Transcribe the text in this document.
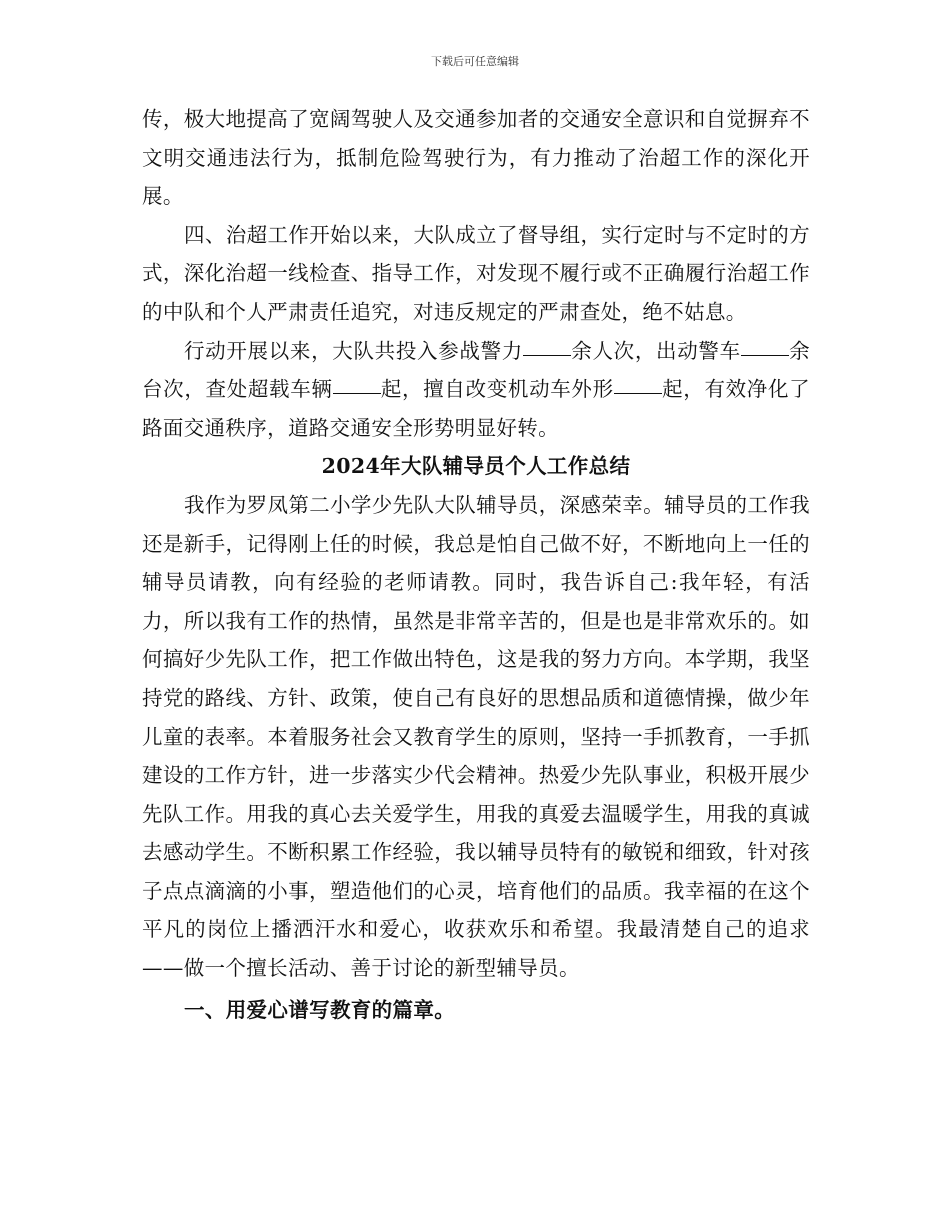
下载后可任意编辑

传，极大地提高了宽阔驾驶人及交通参加者的交通安全意识和自觉摒弃不文明交通违法行为，抵制危险驾驶行为，有力推动了治超工作的深化开展。

四、治超工作开始以来，大队成立了督导组，实行定时与不定时的方式，深化治超一线检查、指导工作，对发现不履行或不正确履行治超工作的中队和个人严肃责任追究，对违反规定的严肃查处，绝不姑息。

行动开展以来，大队共投入参战警力 余人次，出动警车 余台次，查处超载车辆 起，擅自改变机动车外形 起，有效净化了路面交通秩序，道路交通安全形势明显好转。

2024年大队辅导员个人工作总结

我作为罗凤第二小学少先队大队辅导员，深感荣幸。辅导员的工作我还是新手，记得刚上任的时候，我总是怕自己做不好，不断地向上一任的辅导员请教，向有经验的老师请教。同时，我告诉自己:我年轻，有活力，所以我有工作的热情，虽然是非常辛苦的，但是也是非常欢乐的。如何搞好少先队工作，把工作做出特色，这是我的努力方向。本学期，我坚持党的路线、方针、政策，使自己有良好的思想品质和道德情操，做少年儿童的表率。本着服务社会又教育学生的原则，坚持一手抓教育，一手抓建设的工作方针，进一步落实少代会精神。热爱少先队事业，积极开展少先队工作。用我的真心去关爱学生，用我的真爱去温暖学生，用我的真诚去感动学生。不断积累工作经验，我以辅导员特有的敏锐和细致，针对孩子点点滴滴的小事，塑造他们的心灵，培育他们的品质。我幸福的在这个平凡的岗位上播洒汗水和爱心，收获欢乐和希望。我最清楚自己的追求——做一个擅长活动、善于讨论的新型辅导员。

一、用爱心谱写教育的篇章。
